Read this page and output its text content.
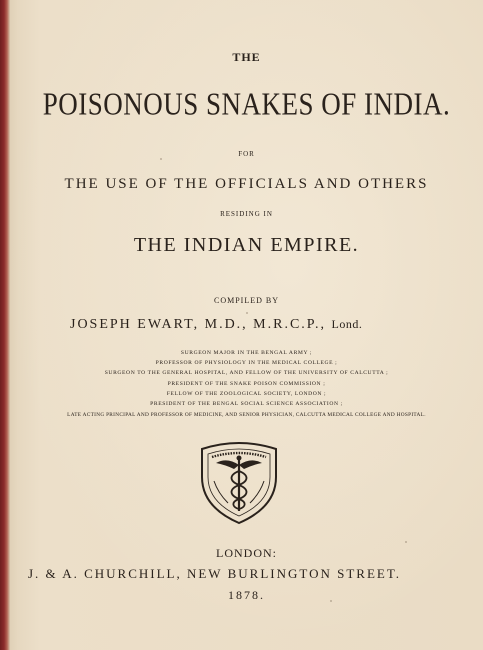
THE

POISONOUS SNAKES OF INDIA.

FOR

THE USE OF THE OFFICIALS AND OTHERS

RESIDING IN

THE INDIAN EMPIRE.

COMPILED BY

JOSEPH EWART, M.D., M.R.C.P., Lond.

SURGEON MAJOR IN THE BENGAL ARMY ;

PROFESSOR OF PHYSIOLOGY IN THE MEDICAL COLLEGE ;

SURGEON TO THE GENERAL HOSPITAL, AND FELLOW OF THE UNIVERSITY OF CALCUTTA ;

PRESIDENT OF THE SNAKE POISON COMMISSION ;

FELLOW OF THE ZOOLOGICAL SOCIETY, LONDON ;

PRESIDENT OF THE BENGAL SOCIAL SCIENCE ASSOCIATION ;

LATE ACTING PRINCIPAL AND PROFESSOR OF MEDICINE, AND SENIOR PHYSICIAN, CALCUTTA MEDICAL COLLEGE AND HOSPITAL.

LONDON:

J. & A. CHURCHILL, NEW BURLINGTON STREET.

1878.
